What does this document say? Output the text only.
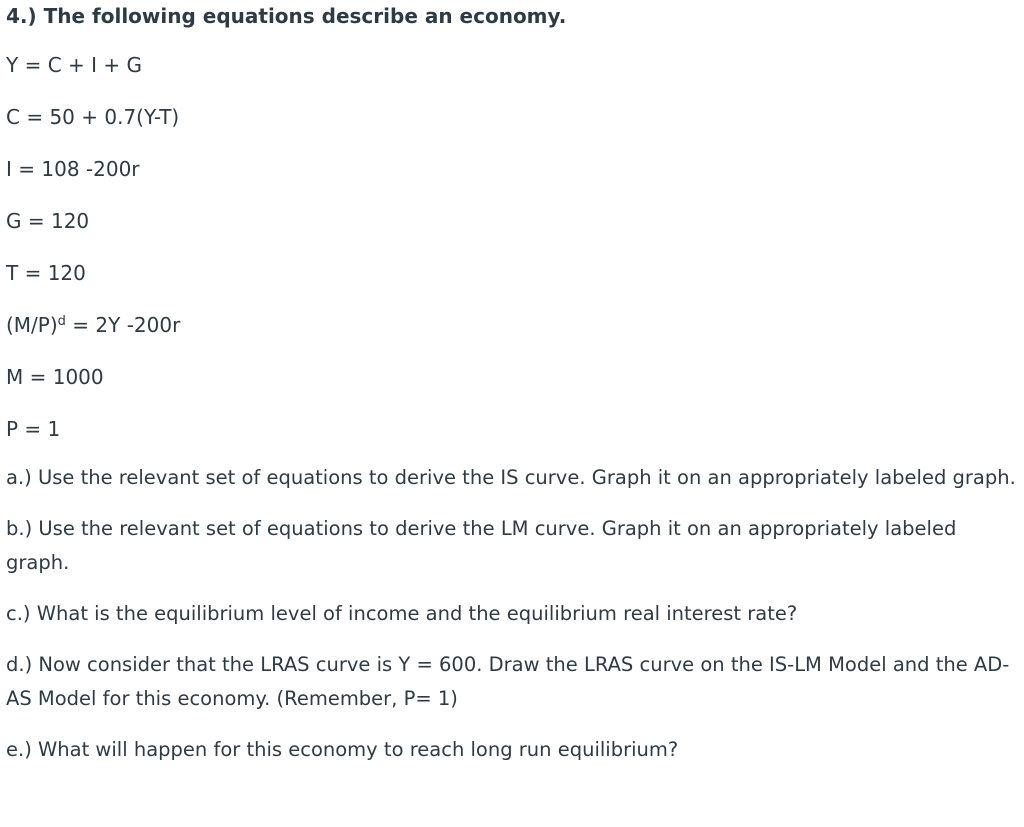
4.) The following equations describe an economy.
Y = C + I + G
C = 50 + 0.7(Y-T)
I = 108 -200r
G = 120
T = 120
$(M/P)^d = 2Y$ -200r
M = 1000
P = 1
a.) Use the relevant set of equations to derive the IS curve. Graph it on an appropriately labeled graph.
b.) Use the relevant set of equations to derive the LM curve. Graph it on an appropriately labeled graph.
c.) What is the equilibrium level of income and the equilibrium real interest rate?
d.) Now consider that the LRAS curve is Y = 600. Draw the LRAS curve on the IS-LM Model and the AD-AS Model for this economy. (Remember, P= 1)
e.) What will happen for this economy to reach long run equilibrium?
